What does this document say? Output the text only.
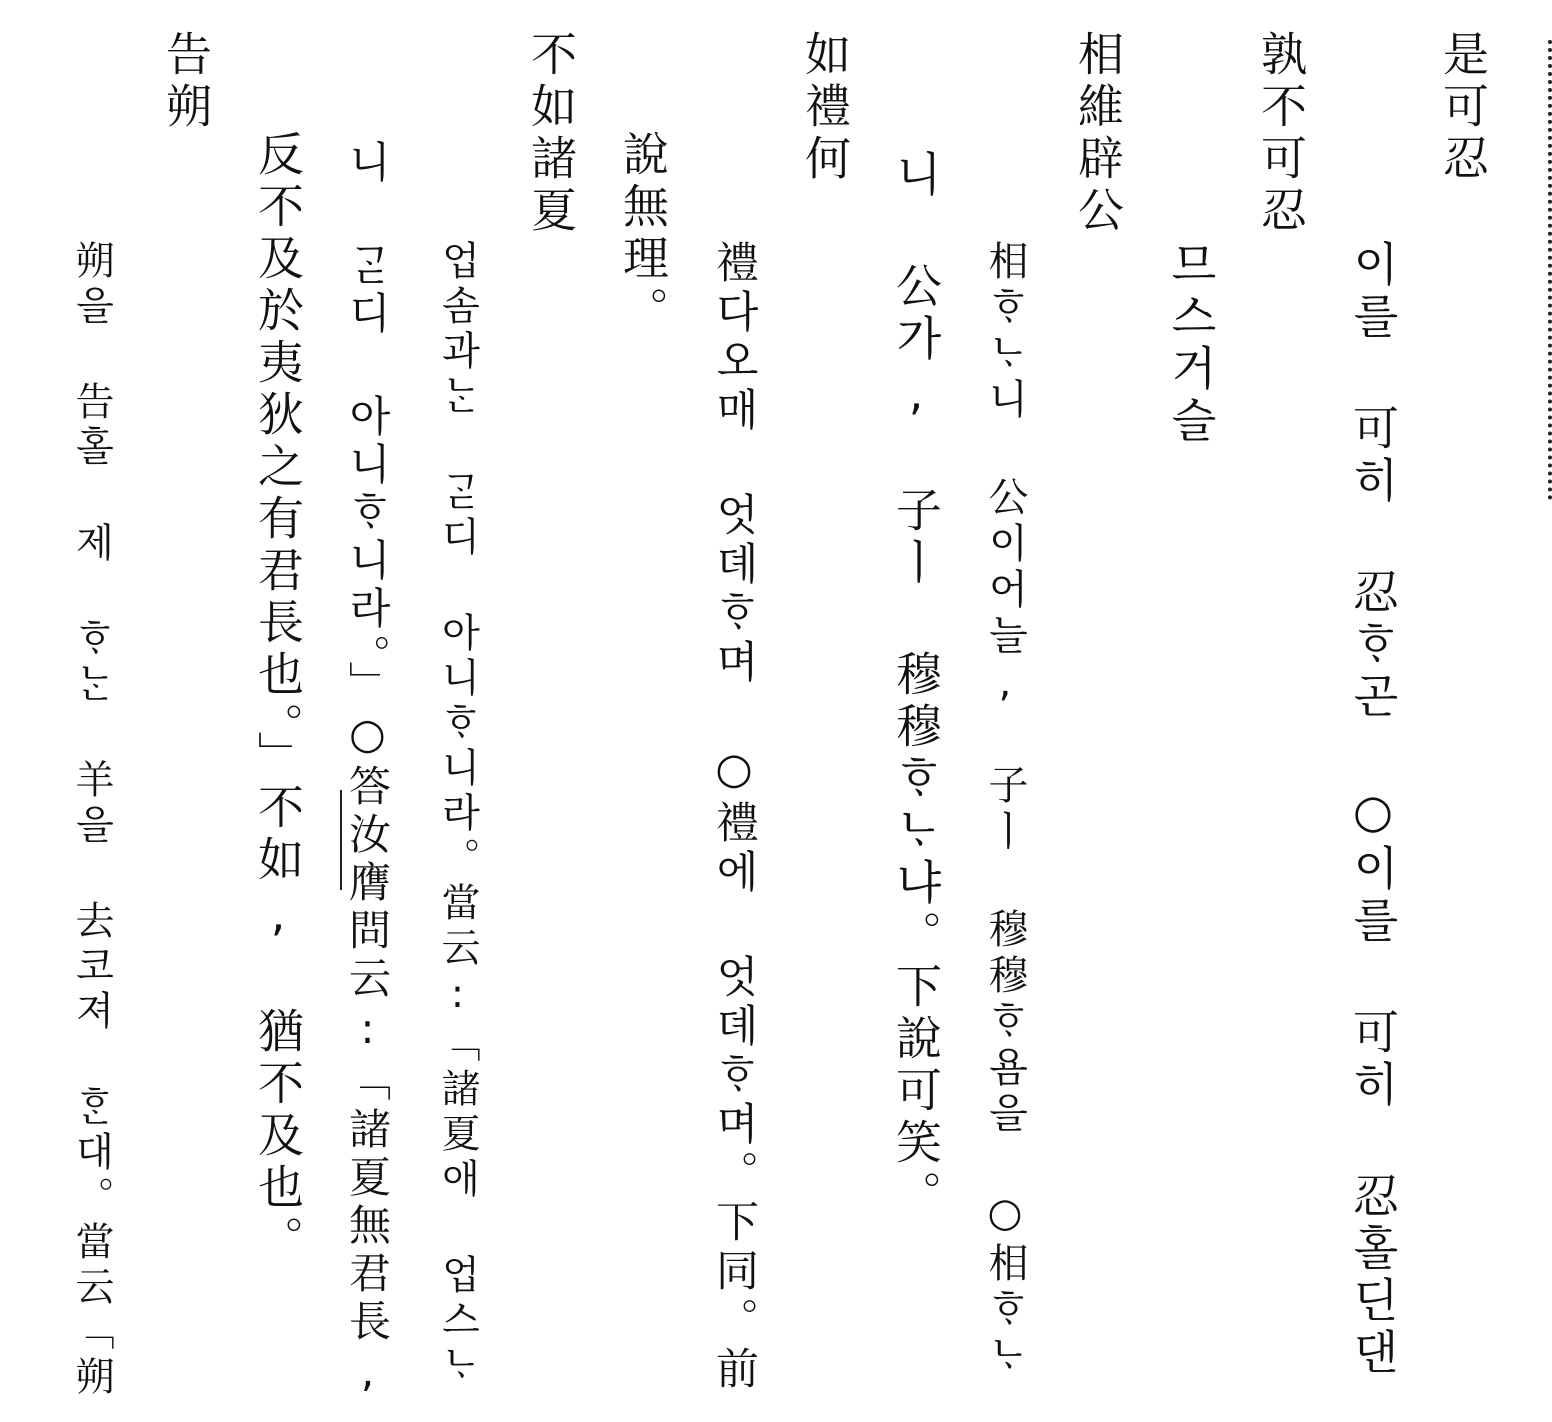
是可忍

이를 可히 忍ᄒᆞ곤 ○이를 可히 忍홀딘댄

孰不可忍

므스거슬

相維辟公

相ᄒᆞᄂᆞ니 公이어늘, 子ㅣ 穆穆ᄒᆞ욤을 ○相ᄒᆞᄂᆞ

니 公가, 子ㅣ 穆穆ᄒᆞᄂᆞ냐。下說可笑。

如禮何

禮다오매 엇뎨ᄒᆞ며 ○禮에 엇뎨ᄒᆞ며。下同。前

說無理。

不如諸夏

업솜과ᄂᆞᆫ ᄀᆞᆮ디 아니ᄒᆞ니라。當云:「諸夏애 업스ᄂᆞ

니 ᄀᆞᆮ디 아니ᄒᆞ니라。」○答汝膺問云:「諸夏無君長,

反不及於夷狄之有君長也。」不如, 猶不及也。

告朔

朔을 告홀 제 ᄒᆞᄂᆞᆫ 羊을 去코져 ᄒᆞᆫ대。當云「朔
